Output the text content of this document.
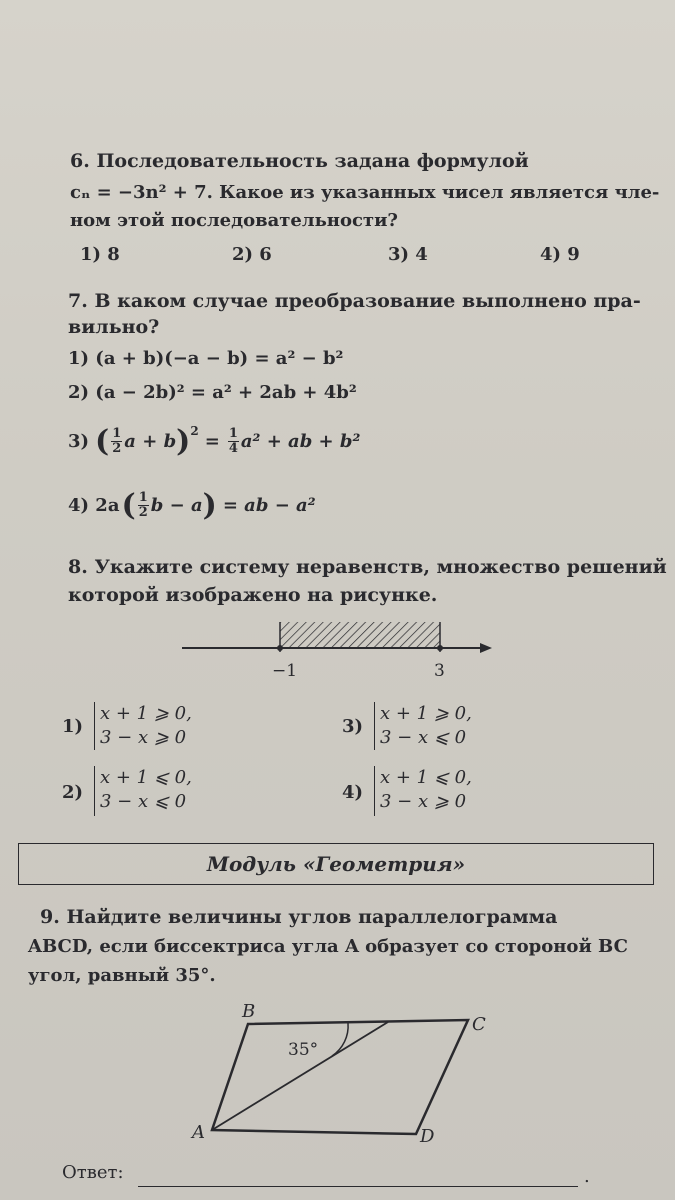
6. Последовательность задана формулой
cₙ = −3n² + 7. Какое из указанных чисел является чле-
ном этой последовательности?
1) 8	2) 6	3) 4	4) 9
7. В каком случае преобразование выполнено пра-
вильно?
1) (a + b)(−a − b) = a² − b²
2) (a − 2b)² = a² + 2ab + 4b²
3) ( $\frac{1}{2}$ a + b )$^2$
= $\frac{1}{4} a^2$ + ab + b²
4) 2a ( $\frac{1}{2}$ b − a ) = ab − a²
8. Укажите систему неравенств, множество решений
которой изображено на рисунке.
−1	3
1)
x + 1 ⩾ 0,
3 − x ⩾ 0
3)
x + 1 ⩾ 0,
3 − x ⩽ 0
2)
x + 1 ⩽ 0,
3 − x ⩽ 0	4)
x + 1 ⩽ 0,
3 − x ⩾ 0
Модуль «Геометрия»
9. Найдите величины углов параллелограмма
ABCD, если биссектриса угла A образует со стороной BC
угол, равный 35°.
B
C
A	D
35°
Ответ:	.
